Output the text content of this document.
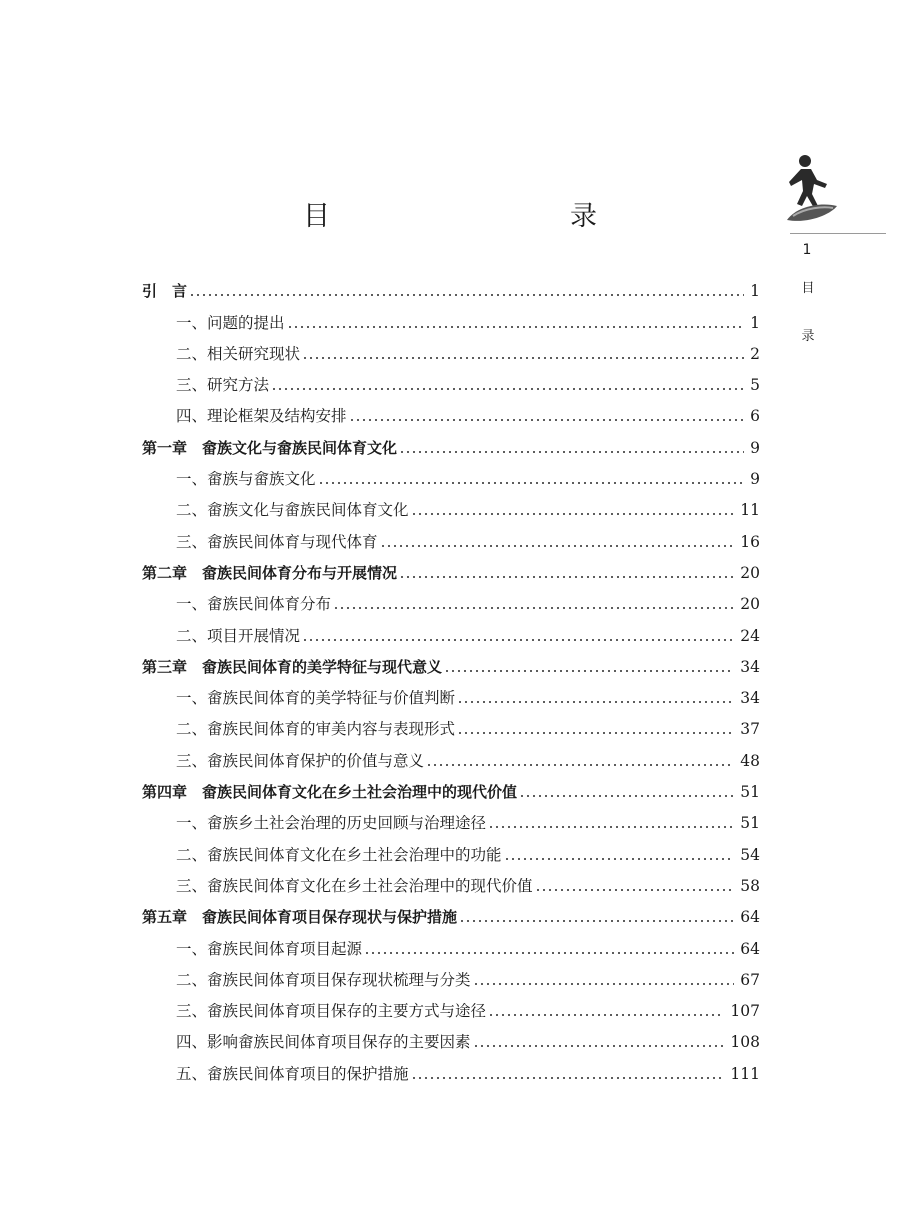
目　　录
1
目
录
引　言	1
一、问题的提出	1
二、相关研究现状	2
三、研究方法	5
四、理论框架及结构安排	6
第一章　畲族文化与畲族民间体育文化	9
一、畲族与畲族文化	9
二、畲族文化与畲族民间体育文化	11
三、畲族民间体育与现代体育	16
第二章　畲族民间体育分布与开展情况	20
一、畲族民间体育分布	20
二、项目开展情况	24
第三章　畲族民间体育的美学特征与现代意义	34
一、畲族民间体育的美学特征与价值判断	34
二、畲族民间体育的审美内容与表现形式	37
三、畲族民间体育保护的价值与意义	48
第四章　畲族民间体育文化在乡土社会治理中的现代价值	51
一、畲族乡土社会治理的历史回顾与治理途径	51
二、畲族民间体育文化在乡土社会治理中的功能	54
三、畲族民间体育文化在乡土社会治理中的现代价值	58
第五章　畲族民间体育项目保存现状与保护措施	64
一、畲族民间体育项目起源	64
二、畲族民间体育项目保存现状梳理与分类	67
三、畲族民间体育项目保存的主要方式与途径	107
四、影响畲族民间体育项目保存的主要因素	108
五、畲族民间体育项目的保护措施	111
